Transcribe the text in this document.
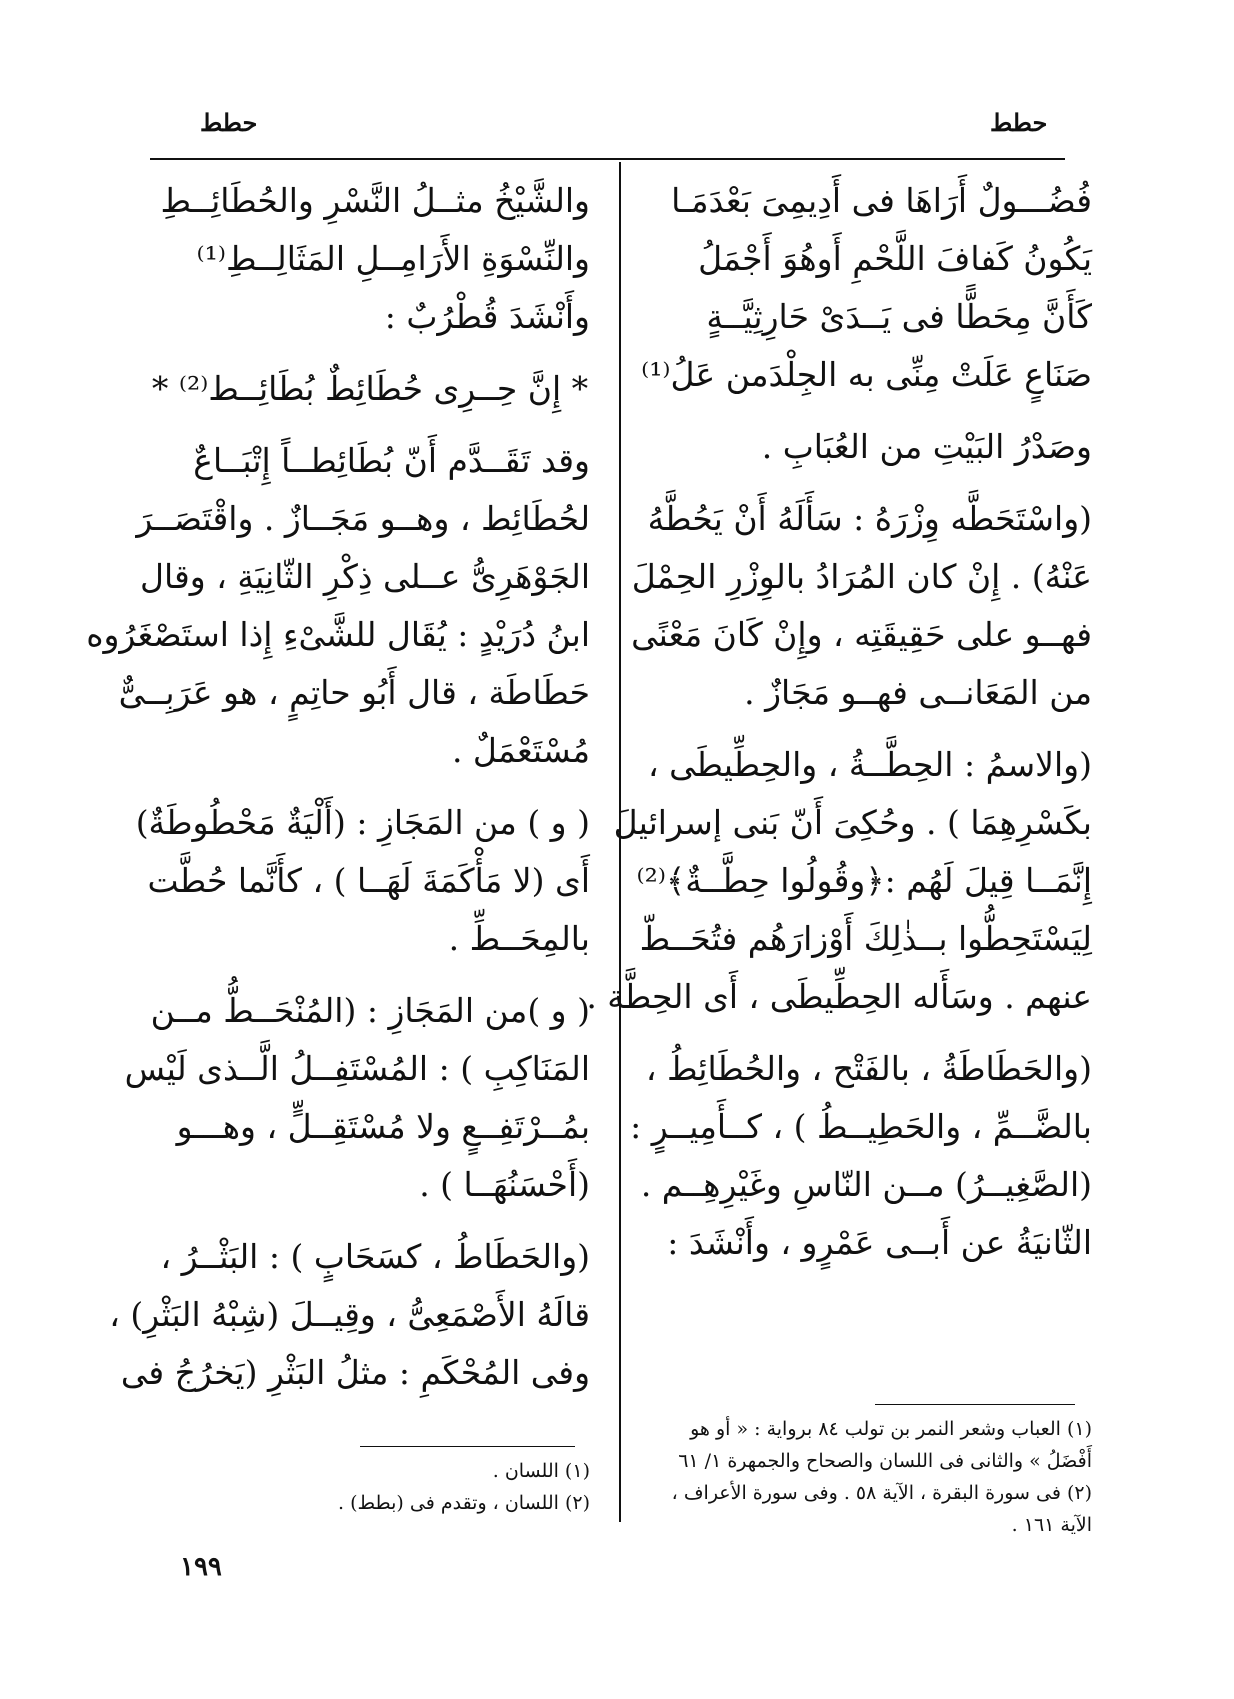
حطط	حطط
فُضُـــولٌ أَرَاهَا فى أَدِيمِىَ بَعْدَمَـا
يَكُونُ كَفافَ اللَّحْمِ أَوهُوَ أَجْمَلُ
كَأَنَّ مِحَطًّا فى يَــدَىْ حَارِثِيَّــةٍ
صَنَاعٍ عَلَتْ مِنِّى به الجِلْدَمن عَلُ⁽¹⁾
وصَدْرُ البَيْتِ من العُبَابِ .
(واسْتَحَطَّه وِزْرَهُ : سَأَلَهُ أَنْ يَحُطَّهُ
عَنْهُ) . إِنْ كان المُرَادُ بالوِزْرِ الحِمْلَ
فهــو على حَقِيقَتِه ، وإِنْ كَانَ مَعْنًى
من المَعَانــى فهــو مَجَازٌ .
(والاسمُ : الحِطَّــةُ ، والحِطِّيطَى ،
بكَسْرِهِمَا ) . وحُكِىَ أَنّ بَنى إسرائيلَ
إِنَّمَــا قِيلَ لَهُم :﴿وقُولُوا حِطَّــةٌ﴾⁽²⁾
لِيَسْتَحِطُّوا بــذٰلِكَ أَوْزارَهُم فتُحَــطّ
عنهم . وسَأَله الحِطِّيطَى ، أَى الحِطَّة .
(والحَطَاطَةُ ، بالفَتْح ، والحُطَائِطُ ،
بالضَّــمِّ ، والحَطِيــطُ ) ، كــأَمِيــرٍ :
(الصَّغِيــرُ) مــن النّاسِ وغَيْرِهِــم .
الثّانيَةُ عن أَبــى عَمْرٍو ، وأَنْشَدَ :
والشَّيْخُ مثــلُ النَّسْرِ والحُطَائِــطِ
والنِّسْوَةِ الأَرَامِــلِ المَثَالِــطِ⁽¹⁾
وأَنْشَدَ قُطْرُبٌ :
* إِنَّ حِــرِى حُطَائِطٌ بُطَائِــط⁽²⁾ *
وقد تَقَــدَّم أَنّ بُطَائِطــاً إِتْبَــاعٌ
لحُطَائِط ، وهــو مَجَــازٌ . واقْتَصَــرَ
الجَوْهَرِىُّ عــلى ذِكْرِ الثّانِيَةِ ، وقال
ابنُ دُرَيْدٍ : يُقَال للشَّىْءِ إِذا استَصْغَرُوه
حَطَاطَة ، قال أَبُو حاتِمٍ ، هو عَرَبِــىٌّ
مُسْتَعْمَلٌ .
( و ) من المَجَازِ : (أَلْيَةٌ مَحْطُوطَةٌ)
أَى (لا مَأْكَمَةَ لَهَــا ) ، كأَنَّما حُطَّت
بالمِحَــطِّ .
( و )من المَجَازِ : (المُنْحَــطُّ مــن
المَنَاكِبِ ) : المُسْتَفِــلُ الَّــذى لَيْس
بمُــرْتَفِــعٍ ولا مُسْتَقِــلٍّ ، وهـــو
(أَحْسَنُهَــا ) .
(والحَطَاطُ ، كسَحَابٍ ) : البَثْــرُ ،
قالَهُ الأَصْمَعِىُّ ، وقِيــلَ (شِبْهُ البَثْرِ) ،
وفى المُحْكَمِ : مثلُ البَثْرِ (يَخرُجُ فى
(١) العباب وشعر النمر بن تولب ٨٤ برواية : « أو هو
أَفْضَلُ » والثانى فى اللسان والصحاح والجمهرة ١/ ٦١
(٢) فى سورة البقرة ، الآية ٥٨ . وفى سورة الأعراف ،
الآية ١٦١ .
(١) اللسان .
(٢) اللسان ، وتقدم فى (بطط) .
١٩٩
